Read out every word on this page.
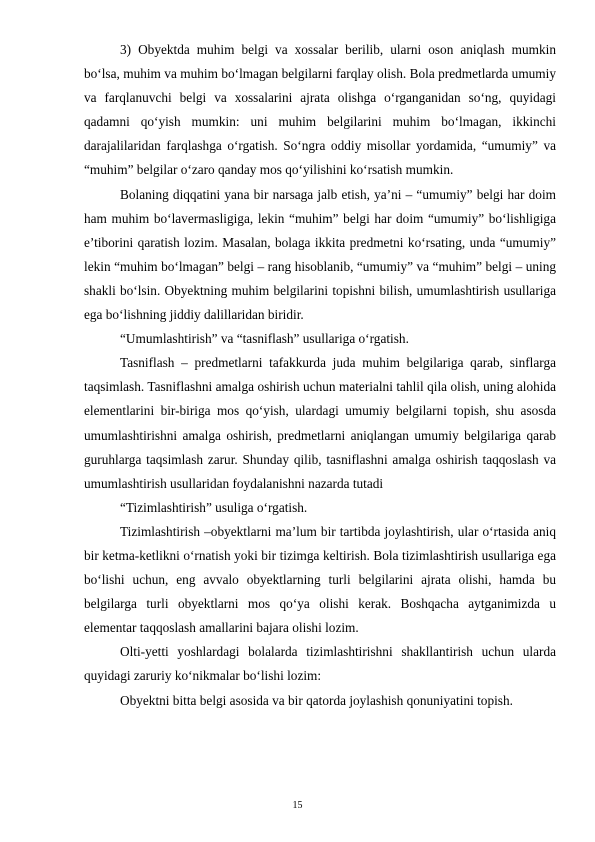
3) Obyektda muhim belgi va xossalar berilib, ularni oson aniqlash mumkin bo‘lsa, muhim va muhim bo‘lmagan belgilarni farqlay olish. Bola predmetlarda umumiy va farqlanuvchi belgi va xossalarini ajrata olishga o‘rganganidan so‘ng, quyidagi qadamni qo‘yish mumkin: uni muhim belgilarini muhim bo‘lmagan, ikkinchi darajalilaridan farqlashga o‘rgatish. So‘ngra oddiy misollar yordamida, “umumiy” va “muhim” belgilar o‘zaro qanday mos qo‘yilishini ko‘rsatish mumkin.

Bolaning diqqatini yana bir narsaga jalb etish, ya’ni – “umumiy” belgi har doim ham muhim bo‘lavermasligiga, lekin “muhim” belgi har doim “umumiy” bo‘lishligiga e’tiborini qaratish lozim. Masalan, bolaga ikkita predmetni ko‘rsating, unda “umumiy” lekin “muhim bo‘lmagan” belgi – rang hisoblanib, “umumiy” va “muhim” belgi – uning shakli bo‘lsin. Obyektning muhim belgilarini topishni bilish, umumlashtirish usullariga ega bo‘lishning jiddiy dalillaridan biridir.

“Umumlashtirish” va “tasniflash” usullariga o‘rgatish.

Tasniflash – predmetlarni tafakkurda juda muhim belgilariga qarab, sinflarga taqsimlash. Tasniflashni amalga oshirish uchun materialni tahlil qila olish, uning alohida elementlarini bir-biriga mos qo‘yish, ulardagi umumiy belgilarni topish, shu asosda umumlashtirishni amalga oshirish, predmetlarni aniqlangan umumiy belgilariga qarab guruhlarga taqsimlash zarur. Shunday qilib, tasniflashni amalga oshirish taqqoslash va umumlashtirish usullaridan foydalanishni nazarda tutadi

“Tizimlashtirish” usuliga o‘rgatish.

Tizimlashtirish –obyektlarni ma’lum bir tartibda joylashtirish, ular o‘rtasida aniq bir ketma-ketlikni o‘rnatish yoki bir tizimga keltirish. Bola tizimlashtirish usullariga ega bo‘lishi uchun, eng avvalo obyektlarning turli belgilarini ajrata olishi, hamda bu belgilarga turli obyektlarni mos qo‘ya olishi kerak. Boshqacha aytganimizda u elementar taqqoslash amallarini bajara olishi lozim.

Olti-yetti yoshlardagi bolalarda tizimlashtirishni shakllantirish uchun ularda quyidagi zaruriy ko‘nikmalar bo‘lishi lozim:

Obyektni bitta belgi asosida va bir qatorda joylashish qonuniyatini topish.

15
